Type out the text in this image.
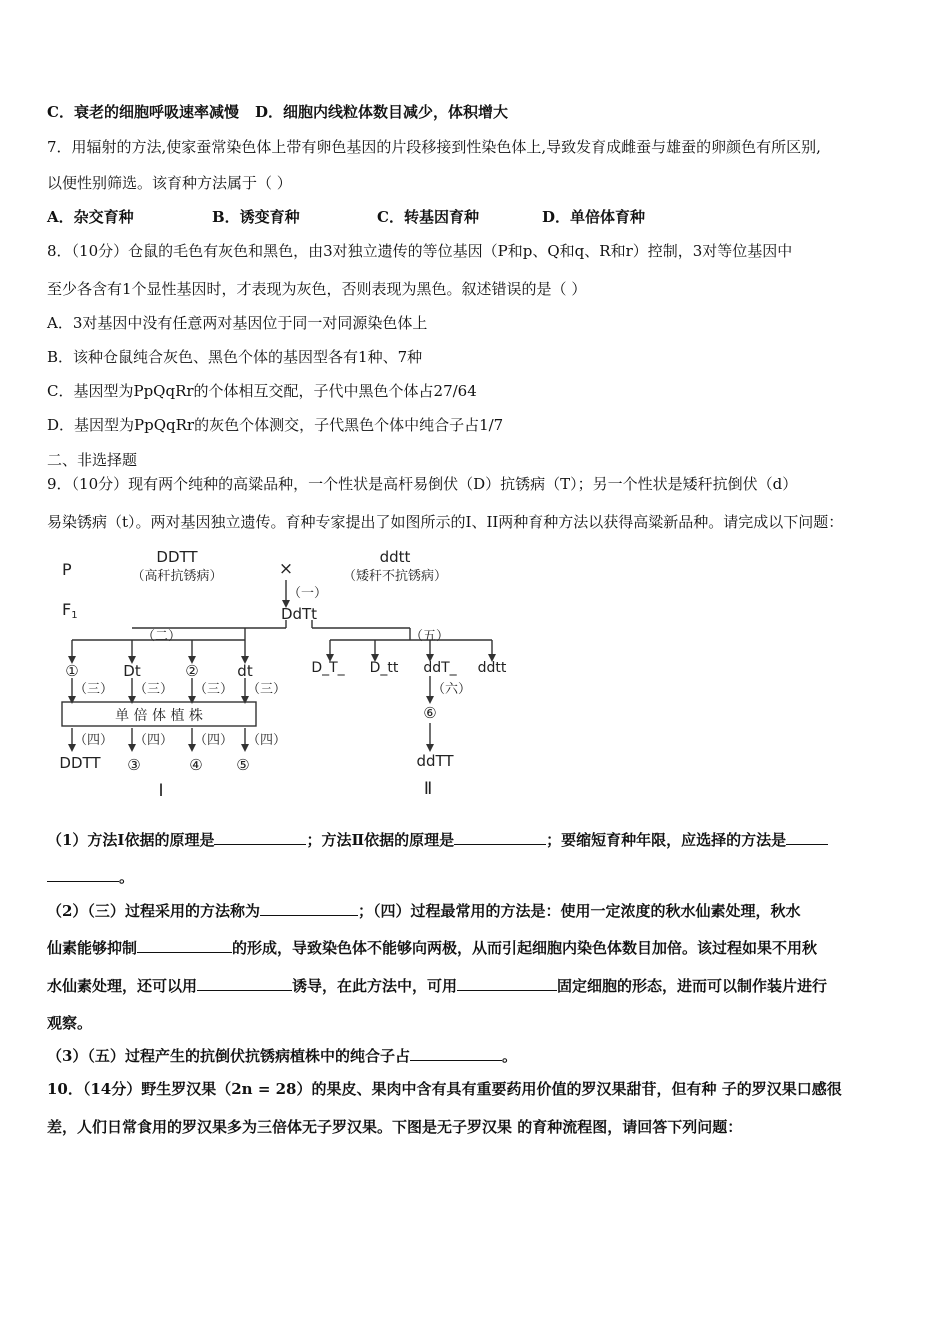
C．衰老的细胞呼吸速率减慢 D．细胞内线粒体数目减少，体积增大
7．用辐射的方法,使家蚕常染色体上带有卵色基因的片段移接到性染色体上,导致发育成雌蚕与雄蚕的卵颜色有所区别,
以便性别筛选。该育种方法属于（ ）
A．杂交育种	B．诱变育种	C．转基因育种	D．单倍体育种
8．（10分）仓鼠的毛色有灰色和黑色，由3对独立遗传的等位基因（P和p、Q和q、R和r）控制，3对等位基因中
至少各含有1个显性基因时，才表现为灰色，否则表现为黑色。叙述错误的是（ ）
A．3对基因中没有任意两对基因位于同一对同源染色体上
B．该种仓鼠纯合灰色、黑色个体的基因型各有1种、7种
C．基因型为PpQqRr的个体相互交配，子代中黑色个体占27/64
D．基因型为PpQqRr的灰色个体测交，子代黑色个体中纯合子占1/7
二、非选择题
9．（10分）现有两个纯种的高粱品种，一个性状是高杆易倒伏（D）抗锈病（T）；另一个性状是矮秆抗倒伏（d）
易染锈病（t）。两对基因独立遗传。育种专家提出了如图所示的I、II两种育种方法以获得高粱新品种。请完成以下问题：
P
F1
DDTT
（高秆抗锈病）
ddtt
（矮秆不抗锈病）
×
（一）
DdTt
（二）	（五）
①	Dt	②	dt
（三） （三） （三） （三）
单 倍 体 植 株
（四） （四） （四） （四）
DDTT ③	④ ⑤
D_T_ D_tt ddT_ ddtt
（六）
⑥
ddTT
I	Ⅱ
（1）方法Ⅰ依据的原理是	；方法Ⅱ依据的原理是	；要缩短育种年限，应选择的方法是
。
（2）（三）过程采用的方法称为	；（四）过程最常用的方法是：使用一定浓度的秋水仙素处理，秋水
仙素能够抑制	的形成，导致染色体不能够向两极，从而引起细胞内染色体数目加倍。该过程如果不用秋
水仙素处理，还可以用	诱导，在此方法中，可用	固定细胞的形态，进而可以制作装片进行
观察。
（3）（五）过程产生的抗倒伏抗锈病植株中的纯合子占	。
10．（14分）野生罗汉果（2n = 28）的果皮、果肉中含有具有重要药用价值的罗汉果甜苷，但有种 子的罗汉果口感很
差，人们日常食用的罗汉果多为三倍体无子罗汉果。下图是无子罗汉果 的育种流程图，请回答下列问题：
